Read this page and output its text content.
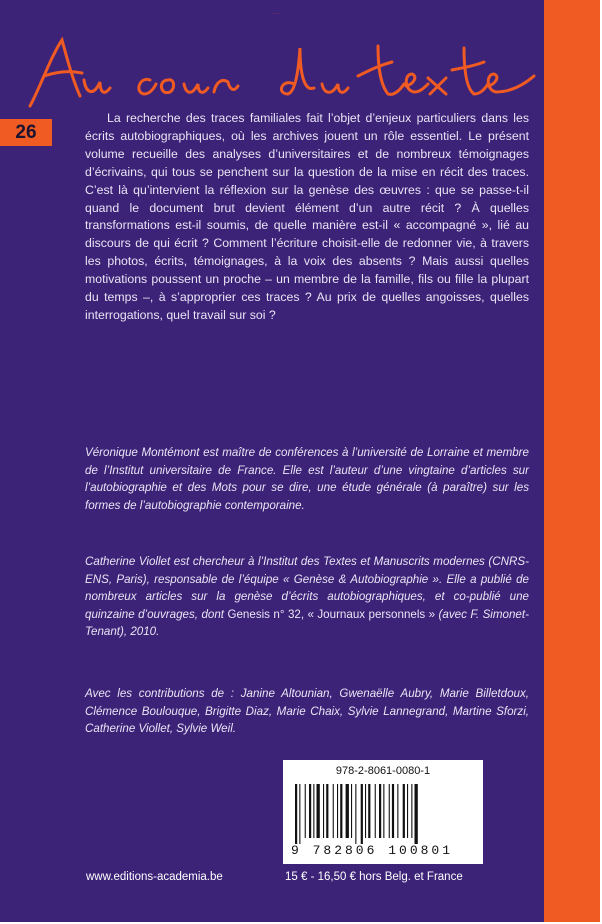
Au cœur des textes
26
La recherche des traces familiales fait l’objet d’enjeux particuliers dans les écrits autobiographiques, où les archives jouent un rôle essentiel. Le présent volume recueille des analyses d’universitaires et de nombreux témoignages d’écrivains, qui tous se penchent sur la question de la mise en récit des traces. C’est là qu’intervient la réflexion sur la genèse des œuvres : que se passe-t-il quand le document brut devient élément d’un autre récit ? À quelles transformations est-il soumis, de quelle manière est-il « accompagné », lié au discours de qui écrit ? Comment l’écriture choisit-elle de redonner vie, à travers les photos, écrits, témoignages, à la voix des absents ? Mais aussi quelles motivations poussent un proche – un membre de la famille, fils ou fille la plupart du temps –, à s’approprier ces traces ? Au prix de quelles angoisses, quelles interrogations, quel travail sur soi ?
Véronique Montémont est maître de conférences à l’université de Lorraine et membre de l’Institut universitaire de France. Elle est l’auteur d’une vingtaine d’articles sur l’autobiographie et des Mots pour se dire, une étude générale (à paraître) sur les formes de l’autobiographie contemporaine.
Catherine Viollet est chercheur à l’Institut des Textes et Manuscrits modernes (CNRS-ENS, Paris), responsable de l’équipe « Genèse & Autobiographie ». Elle a publié de nombreux articles sur la genèse d’écrits autobiographiques, et co-publié une quinzaine d’ouvrages, dont Genesis n° 32, « Journaux personnels » (avec F. Simonet-Tenant), 2010.
Avec les contributions de : Janine Altounian, Gwenaëlle Aubry, Marie Billetdoux, Clémence Boulouque, Brigitte Diaz, Marie Chaix, Sylvie Lannegrand, Martine Sforzi, Catherine Viollet, Sylvie Weil.
978-2-8061-0080-1
9 782806 100801
www.editions-academia.be	15 € - 16,50 € hors Belg. et France
